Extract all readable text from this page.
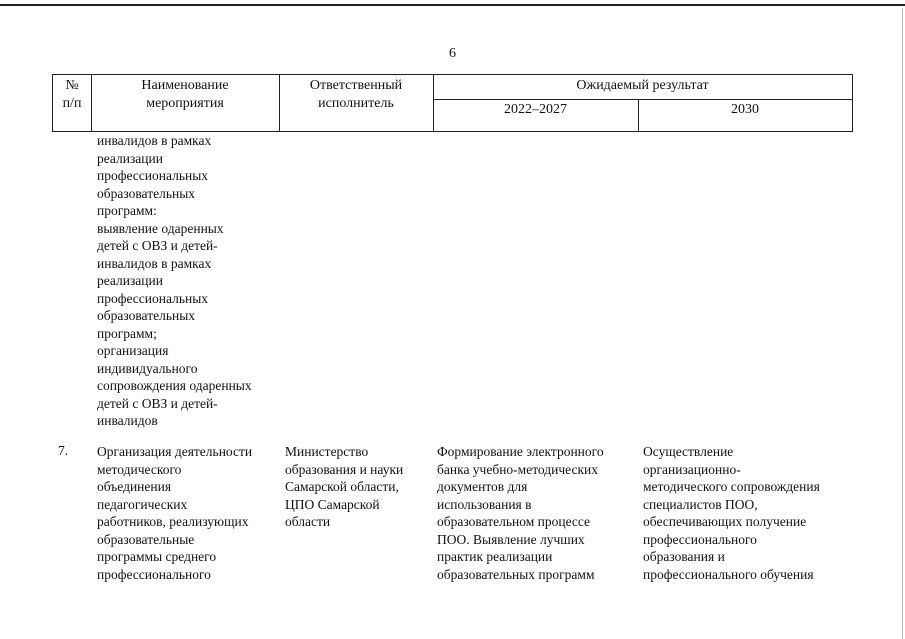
6
№
п/п
Наименование
мероприятия
Ответственный
исполнитель
Ожидаемый результат
2022–2027	2030
инвалидов в рамках
реализации
профессиональных
образовательных
программ:
выявление одаренных
детей с ОВЗ и детей-
инвалидов в рамках
реализации
профессиональных
образовательных
программ;
организация
индивидуального
сопровождения одаренных
детей с ОВЗ и детей-
инвалидов
7. Организация деятельности
методического
объединения
педагогических
работников, реализующих
образовательные
программы среднего
профессионального
Министерство
образования и науки
Самарской области,
ЦПО Самарской
области
Формирование электронного
банка учебно-методических
документов для
использования в
образовательном процессе
ПОО. Выявление лучших
практик реализации
образовательных программ
Осуществление
организационно-
методического сопровождения
специалистов ПОО,
обеспечивающих получение
профессионального
образования и
профессионального обучения
